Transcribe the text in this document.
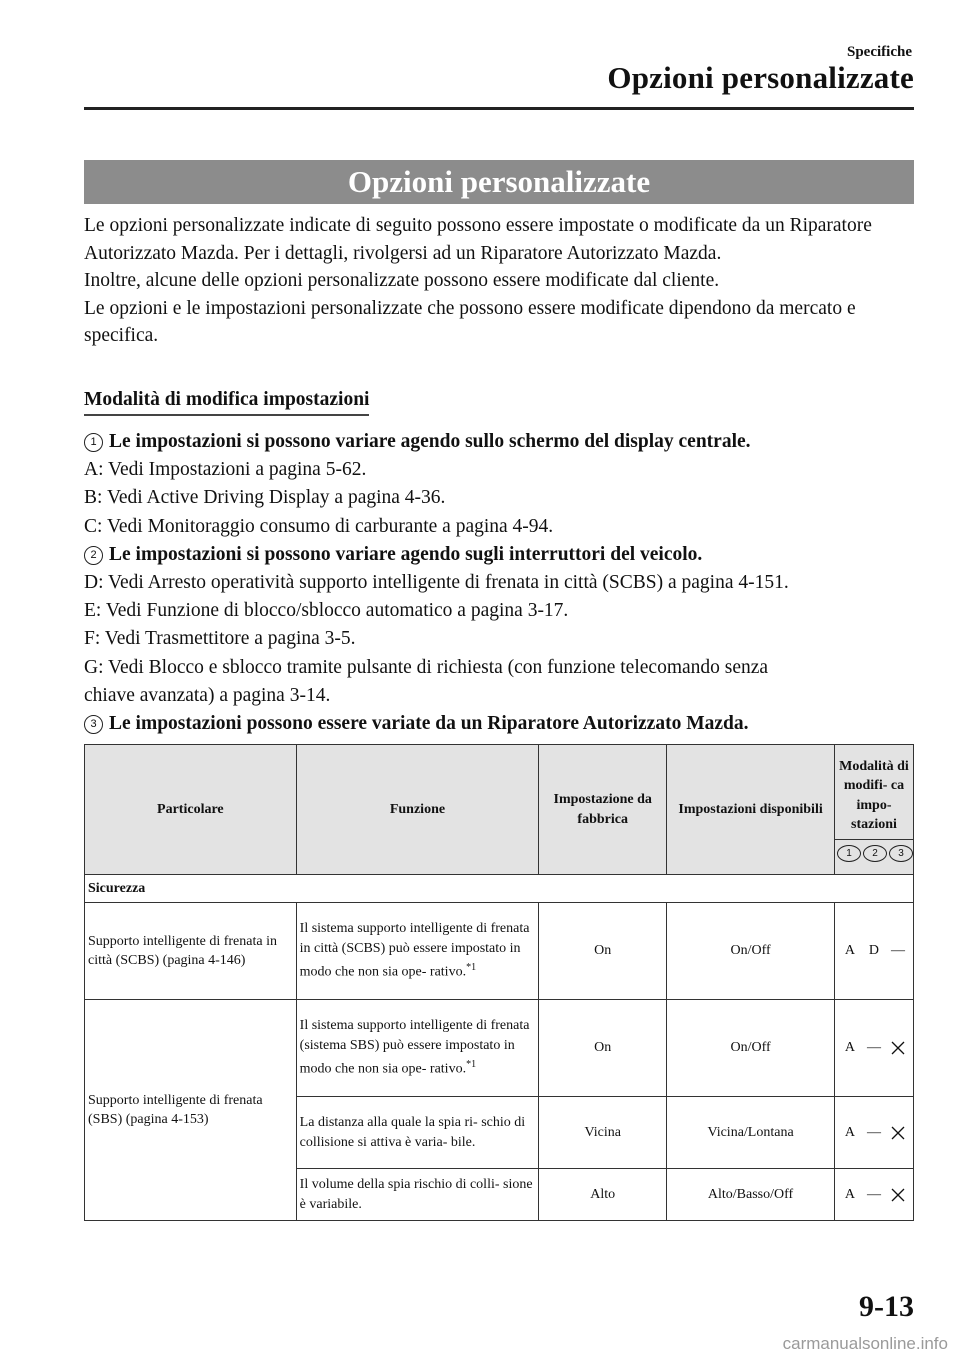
Specifiche
Opzioni personalizzate
Opzioni personalizzate

Le opzioni personalizzate indicate di seguito possono essere impostate o modificate da un Riparatore Autorizzato Mazda. Per i dettagli, rivolgersi ad un Riparatore Autorizzato Mazda.

Inoltre, alcune delle opzioni personalizzate possono essere modificate dal cliente.

Le opzioni e le impostazioni personalizzate che possono essere modificate dipendono da mercato e specifica.

Modalità di modifica impostazioni
1 Le impostazioni si possono variare agendo sullo schermo del display centrale.
A: Vedi Impostazioni a pagina 5-62.
B: Vedi Active Driving Display a pagina 4-36.
C: Vedi Monitoraggio consumo di carburante a pagina 4-94.
2 Le impostazioni si possono variare agendo sugli interruttori del veicolo.
D: Vedi Arresto operatività supporto intelligente di frenata in città (SCBS) a pagina 4-151.
E: Vedi Funzione di blocco/sblocco automatico a pagina 3-17.
F: Vedi Trasmettitore a pagina 3-5.
G: Vedi Blocco e sblocco tramite pulsante di richiesta (con funzione telecomando senza
chiave avanzata) a pagina 3-14.
3 Le impostazioni possono essere variate da un Riparatore Autorizzato Mazda.
Particolare	Funzione	Impostazione da fabbrica	Impostazioni disponibili	Modalità di modifi- ca impo- stazioni
1 2 3

Sicurezza				
Supporto intelligente di frenata in città (SCBS) (pagina 4-146)	Il sistema supporto intelligente di frenata in città (SCBS) può essere impostato in modo che non sia ope- rativo.$^{*1}$	On	On/Off	A D —

Supporto intelligente di frenata (SBS) (pagina 4-153)	Il sistema supporto intelligente di frenata (sistema SBS) può essere impostato in modo che non sia ope- rativo.$^{*1}$	On	On/Off	A —

	La distanza alla quale la spia ri- schio di collisione si attiva è varia- bile.	Vicina	Vicina/Lontana	A —

	Il volume della spia rischio di colli- sione è variabile.	Alto	Alto/Basso/Off	A —
9-13
carmanualsonline.info
